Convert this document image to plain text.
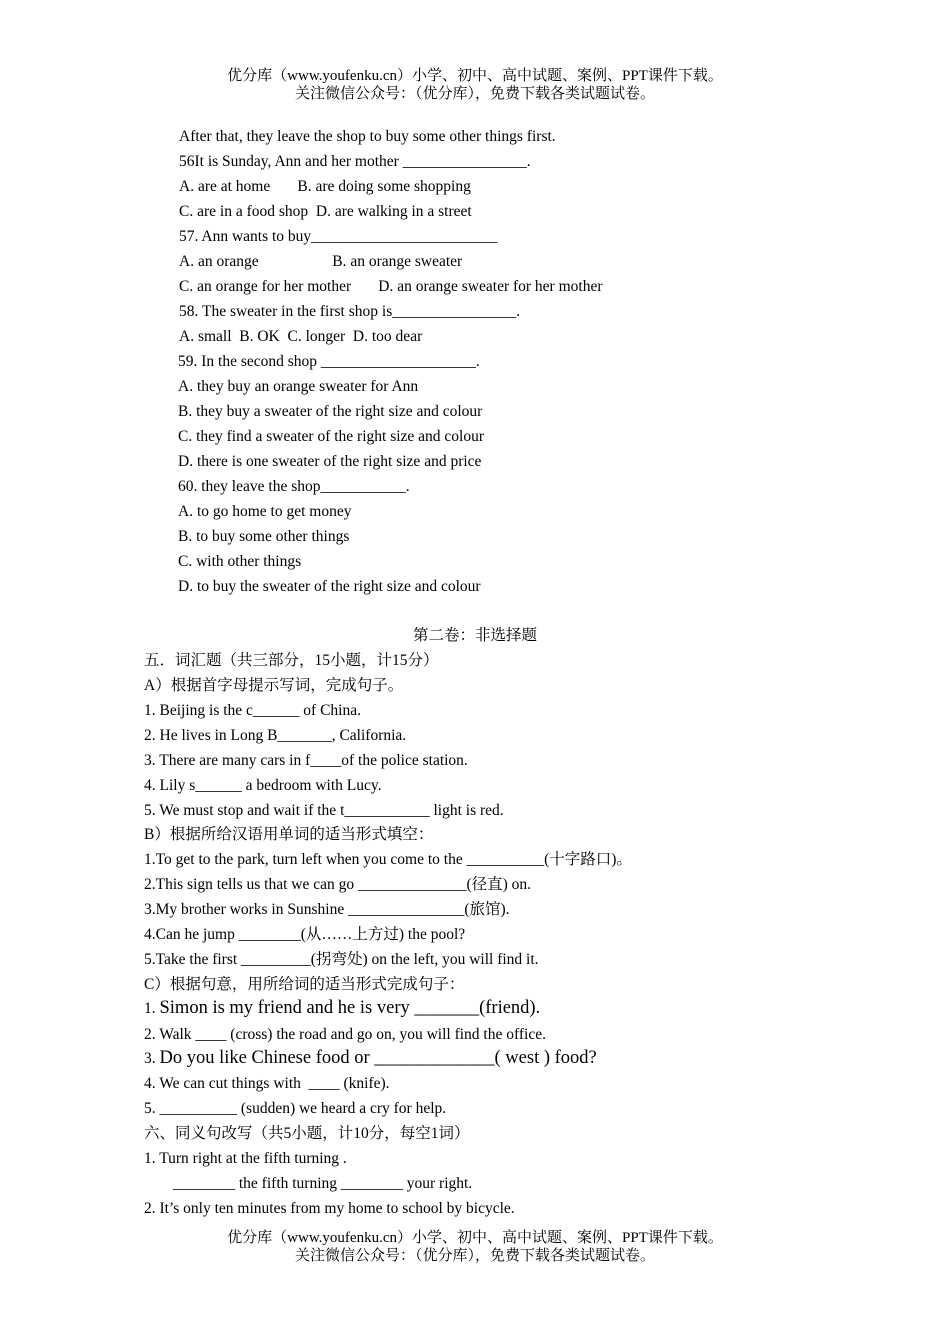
优分库（www.youfenku.cn）小学、初中、高中试题、案例、PPT课件下载。
关注微信公众号：（优分库），免费下载各类试题试卷。
After that, they leave the shop to buy some other things first.
56It is Sunday, Ann and her mother ________________.
A. are at home       B. are doing some shopping
C. are in a food shop  D. are walking in a street
57. Ann wants to buy________________________
A. an orange                   B. an orange sweater
C. an orange for her mother       D. an orange sweater for her mother
58. The sweater in the first shop is________________.
A. small  B. OK  C. longer  D. too dear
59. In the second shop ____________________.
A. they buy an orange sweater for Ann
B. they buy a sweater of the right size and colour
C. they find a sweater of the right size and colour
D. there is one sweater of the right size and price
60. they leave the shop___________.
A. to go home to get money
B. to buy some other things
C. with other things
D. to buy the sweater of the right size and colour
第二卷：非选择题
五．词汇题（共三部分，15小题，计15分）
A）根据首字母提示写词，完成句子。
1. Beijing is the c______ of China.
2. He lives in Long B_______, California.
3. There are many cars in f____of the police station.
4. Lily s______ a bedroom with Lucy.
5. We must stop and wait if the t___________ light is red.
B）根据所给汉语用单词的适当形式填空：
1.To get to the park, turn left when you come to the __________(十字路口)。
2.This sign tells us that we can go ______________(径直) on.
3.My brother works in Sunshine _______________(旅馆).
4.Can he jump ________(从……上方过) the pool?
5.Take the first _________(拐弯处) on the left, you will find it.
C）根据句意，用所给词的适当形式完成句子：
1. Simon is my friend and he is very _______(friend).
2. Walk ____ (cross) the road and go on, you will find the office.
3. Do you like Chinese food or _____________( west ) food?
4. We can cut things with  ____ (knife).
5. __________ (sudden) we heard a cry for help.
六、同义句改写（共5小题，计10分，每空1词）
1. Turn right at the fifth turning .
________ the fifth turning ________ your right.
2. It’s only ten minutes from my home to school by bicycle.
优分库（www.youfenku.cn）小学、初中、高中试题、案例、PPT课件下载。
关注微信公众号：（优分库），免费下载各类试题试卷。
